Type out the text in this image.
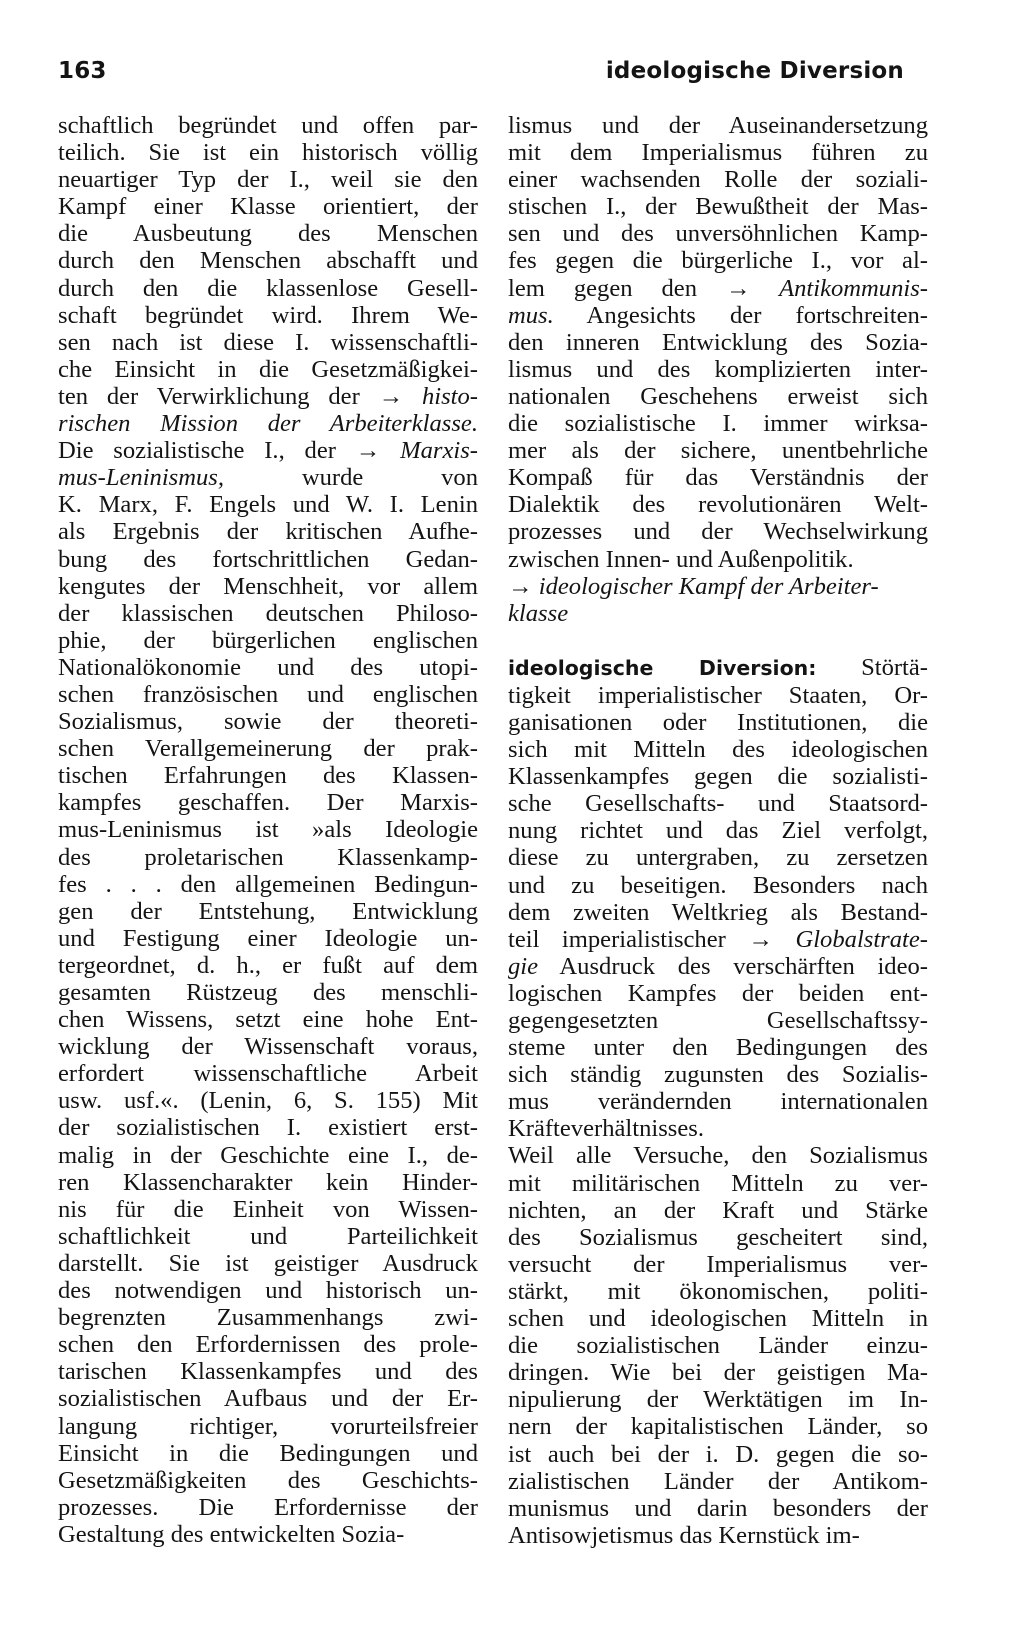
163	ideologische Diversion
schaftlich begründet und offen par-
teilich. Sie ist ein historisch völlig
neuartiger Typ der I., weil sie den
Kampf einer Klasse orientiert, der
die Ausbeutung des Menschen
durch den Menschen abschafft und
durch den die klassenlose Gesell-
schaft begründet wird. Ihrem We-
sen nach ist diese I. wissenschaftli-
che Einsicht in die Gesetzmäßigkei-
ten der Verwirklichung der → histo-
rischen Mission der Arbeiterklasse.
Die sozialistische I., der → Marxis-
mus-Leninismus, wurde von
K. Marx, F. Engels und W. I. Lenin
als Ergebnis der kritischen Aufhe-
bung des fortschrittlichen Gedan-
kengutes der Menschheit, vor allem
der klassischen deutschen Philoso-
phie, der bürgerlichen englischen
Nationalökonomie und des utopi-
schen französischen und englischen
Sozialismus, sowie der theoreti-
schen Verallgemeinerung der prak-
tischen Erfahrungen des Klassen-
kampfes geschaffen. Der Marxis-
mus-Leninismus ist »als Ideologie
des proletarischen Klassenkamp-
fes . . . den allgemeinen Bedingun-
gen der Entstehung, Entwicklung
und Festigung einer Ideologie un-
tergeordnet, d. h., er fußt auf dem
gesamten Rüstzeug des menschli-
chen Wissens, setzt eine hohe Ent-
wicklung der Wissenschaft voraus,
erfordert wissenschaftliche Arbeit
usw. usf.«. (Lenin, 6, S. 155) Mit
der sozialistischen I. existiert erst-
malig in der Geschichte eine I., de-
ren Klassencharakter kein Hinder-
nis für die Einheit von Wissen-
schaftlichkeit und Parteilichkeit
darstellt. Sie ist geistiger Ausdruck
des notwendigen und historisch un-
begrenzten Zusammenhangs zwi-
schen den Erfordernissen des prole-
tarischen Klassenkampfes und des
sozialistischen Aufbaus und der Er-
langung richtiger, vorurteilsfreier
Einsicht in die Bedingungen und
Gesetzmäßigkeiten des Geschichts-
prozesses. Die Erfordernisse der
Gestaltung des entwickelten Sozia-
lismus und der Auseinandersetzung
mit dem Imperialismus führen zu
einer wachsenden Rolle der soziali-
stischen I., der Bewußtheit der Mas-
sen und des unversöhnlichen Kamp-
fes gegen die bürgerliche I., vor al-
lem gegen den → Antikommunis-
mus. Angesichts der fortschreiten-
den inneren Entwicklung des Sozia-
lismus und des komplizierten inter-
nationalen Geschehens erweist sich
die sozialistische I. immer wirksa-
mer als der sichere, unentbehrliche
Kompaß für das Verständnis der
Dialektik des revolutionären Welt-
prozesses und der Wechselwirkung
zwischen Innen- und Außenpolitik.
→ ideologischer Kampf der Arbeiter-
klasse
ideologische Diversion: Störtä-
tigkeit imperialistischer Staaten, Or-
ganisationen oder Institutionen, die
sich mit Mitteln des ideologischen
Klassenkampfes gegen die sozialisti-
sche Gesellschafts- und Staatsord-
nung richtet und das Ziel verfolgt,
diese zu untergraben, zu zersetzen
und zu beseitigen. Besonders nach
dem zweiten Weltkrieg als Bestand-
teil imperialistischer → Globalstrate-
gie Ausdruck des verschärften ideo-
logischen Kampfes der beiden ent-
gegengesetzten Gesellschaftssy-
steme unter den Bedingungen des
sich ständig zugunsten des Sozialis-
mus verändernden internationalen
Kräfteverhältnisses.
Weil alle Versuche, den Sozialismus
mit militärischen Mitteln zu ver-
nichten, an der Kraft und Stärke
des Sozialismus gescheitert sind,
versucht der Imperialismus ver-
stärkt, mit ökonomischen, politi-
schen und ideologischen Mitteln in
die sozialistischen Länder einzu-
dringen. Wie bei der geistigen Ma-
nipulierung der Werktätigen im In-
nern der kapitalistischen Länder, so
ist auch bei der i. D. gegen die so-
zialistischen Länder der Antikom-
munismus und darin besonders der
Antisowjetismus das Kernstück im-
